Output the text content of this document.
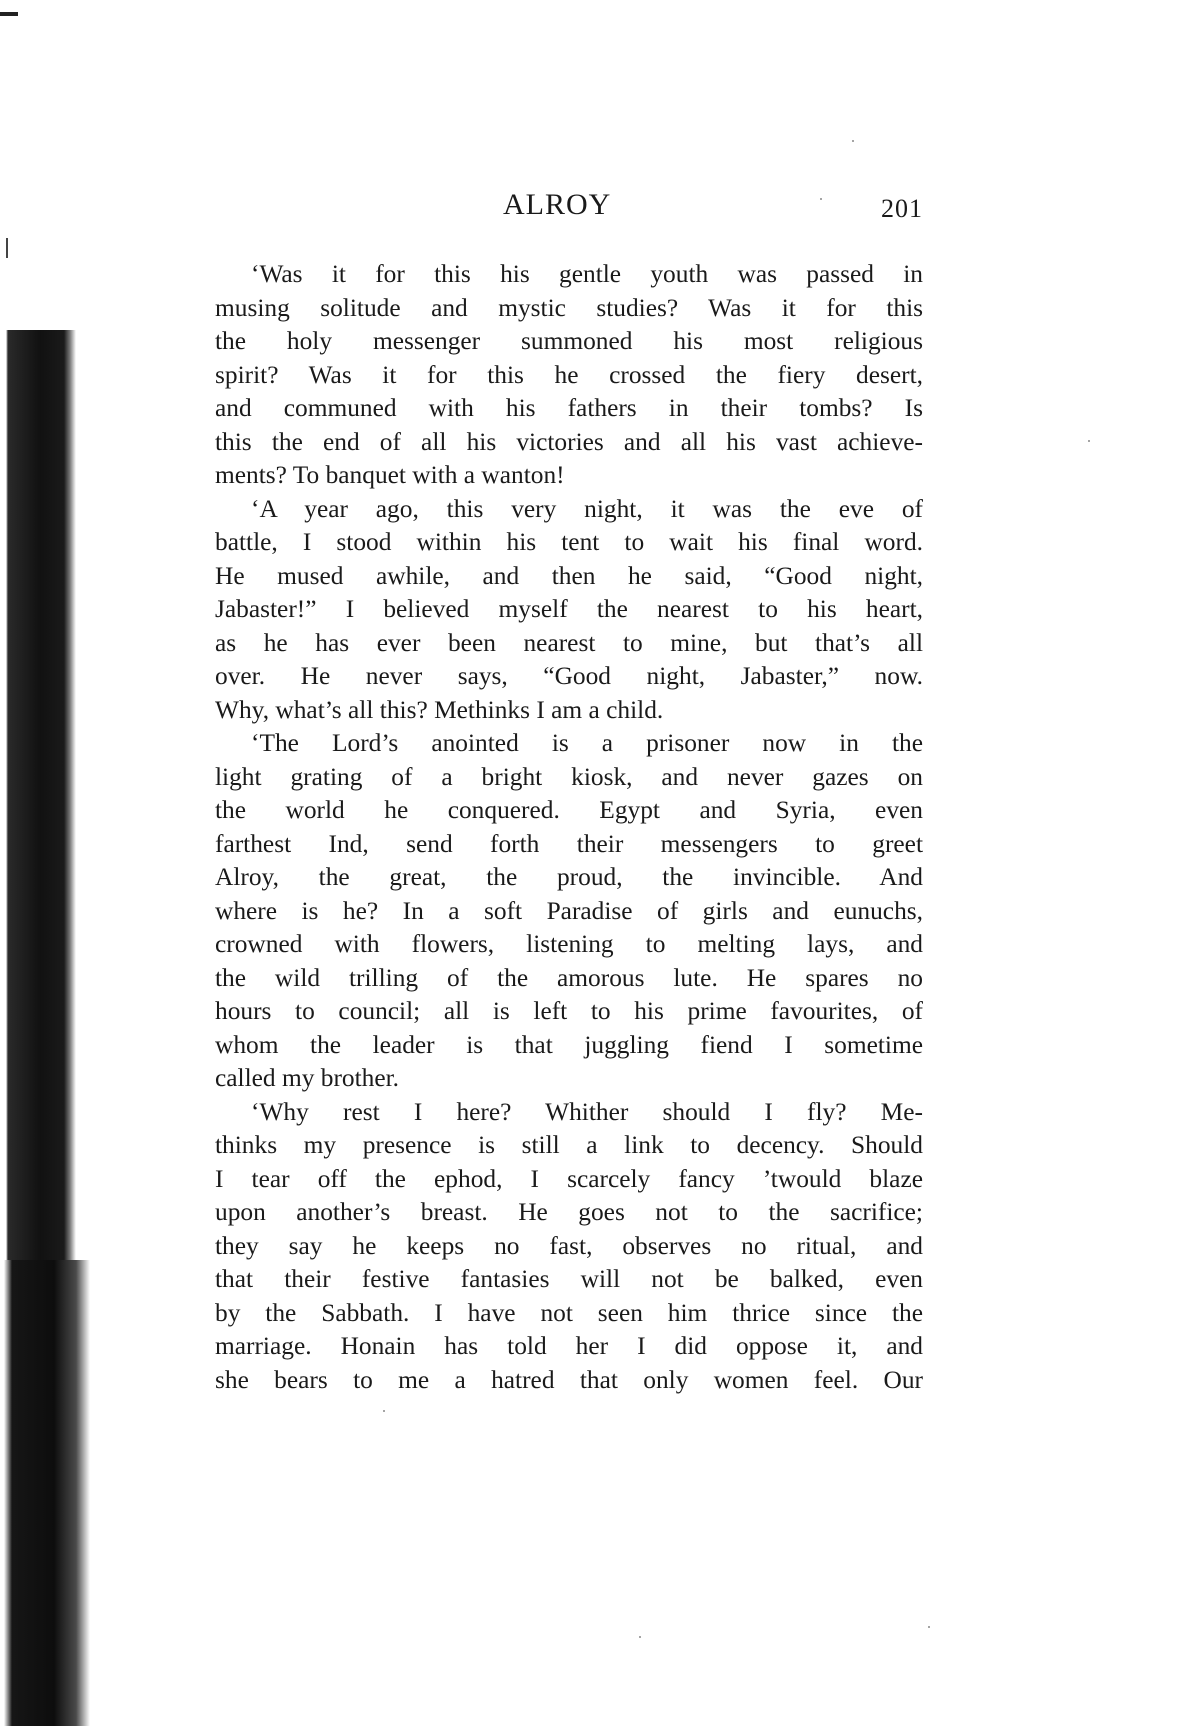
ALROY	201
‘Was it for this his gentle youth was passed in
musing solitude and mystic studies? Was it for this
the holy messenger summoned his most religious
spirit? Was it for this he crossed the fiery desert,
and communed with his fathers in their tombs? Is
this the end of all his victories and all his vast achieve-
ments? To banquet with a wanton!
‘A year ago, this very night, it was the eve of
battle, I stood within his tent to wait his final word.
He mused awhile, and then he said, “Good night,
Jabaster!” I believed myself the nearest to his heart,
as he has ever been nearest to mine, but that’s all
over. He never says, “Good night, Jabaster,” now.
Why, what’s all this? Methinks I am a child.
‘The Lord’s anointed is a prisoner now in the
light grating of a bright kiosk, and never gazes on
the world he conquered. Egypt and Syria, even
farthest Ind, send forth their messengers to greet
Alroy, the great, the proud, the invincible. And
where is he? In a soft Paradise of girls and eunuchs,
crowned with flowers, listening to melting lays, and
the wild trilling of the amorous lute. He spares no
hours to council; all is left to his prime favourites, of
whom the leader is that juggling fiend I sometime
called my brother.
‘Why rest I here? Whither should I fly? Me-
thinks my presence is still a link to decency. Should
I tear off the ephod, I scarcely fancy ’twould blaze
upon another’s breast. He goes not to the sacrifice;
they say he keeps no fast, observes no ritual, and
that their festive fantasies will not be balked, even
by the Sabbath. I have not seen him thrice since the
marriage. Honain has told her I did oppose it, and
she bears to me a hatred that only women feel. Our
